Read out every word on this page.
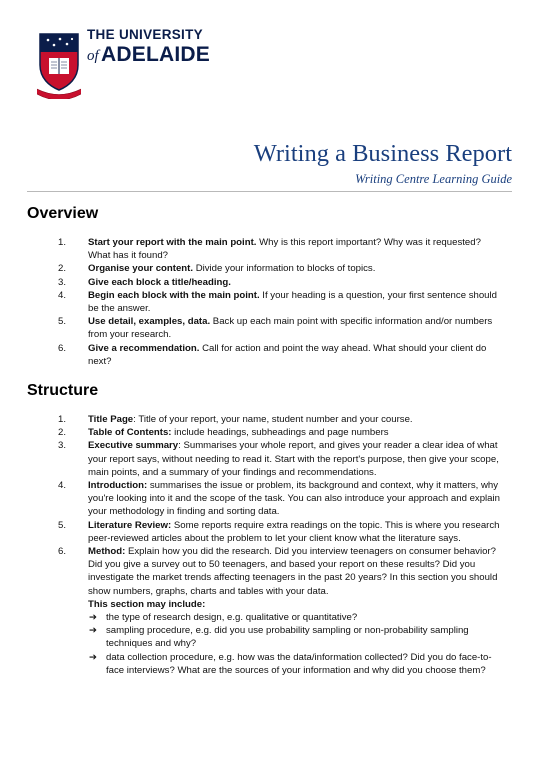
THE UNIVERSITY
of ADELAIDE
Writing a Business Report
Writing Centre Learning Guide
Overview
1. Start your report with the main point. Why is this report important? Why was it requested? What has it found?
2. Organise your content. Divide your information to blocks of topics.
3. Give each block a title/heading.
4. Begin each block with the main point. If your heading is a question, your first sentence should be the answer.
5. Use detail, examples, data. Back up each main point with specific information and/or numbers from your research.
6. Give a recommendation. Call for action and point the way ahead. What should your client do next?
Structure
1. Title Page: Title of your report, your name, student number and your course.
2. Table of Contents: include headings, subheadings and page numbers
3. Executive summary: Summarises your whole report, and gives your reader a clear idea of what your report says, without needing to read it. Start with the report's purpose, then give your scope, main points, and a summary of your findings and recommendations.
4. Introduction: summarises the issue or problem, its background and context, why it matters, why you're looking into it and the scope of the task. You can also introduce your approach and explain your methodology in finding and sorting data.
5. Literature Review: Some reports require extra readings on the topic. This is where you research peer-reviewed articles about the problem to let your client know what the literature says.
6. Method: Explain how you did the research. Did you interview teenagers on consumer behavior? Did you give a survey out to 50 teenagers, and based your report on these results? Did you investigate the market trends affecting teenagers in the past 20 years? In this section you should show numbers, graphs, charts and tables with your data.
This section may include:
➔ the type of research design, e.g. qualitative or quantitative?
➔ sampling procedure, e.g. did you use probability sampling or non-probability sampling techniques and why?
➔ data collection procedure, e.g. how was the data/information collected? Did you do face-to-face interviews? What are the sources of your information and why did you choose them?
